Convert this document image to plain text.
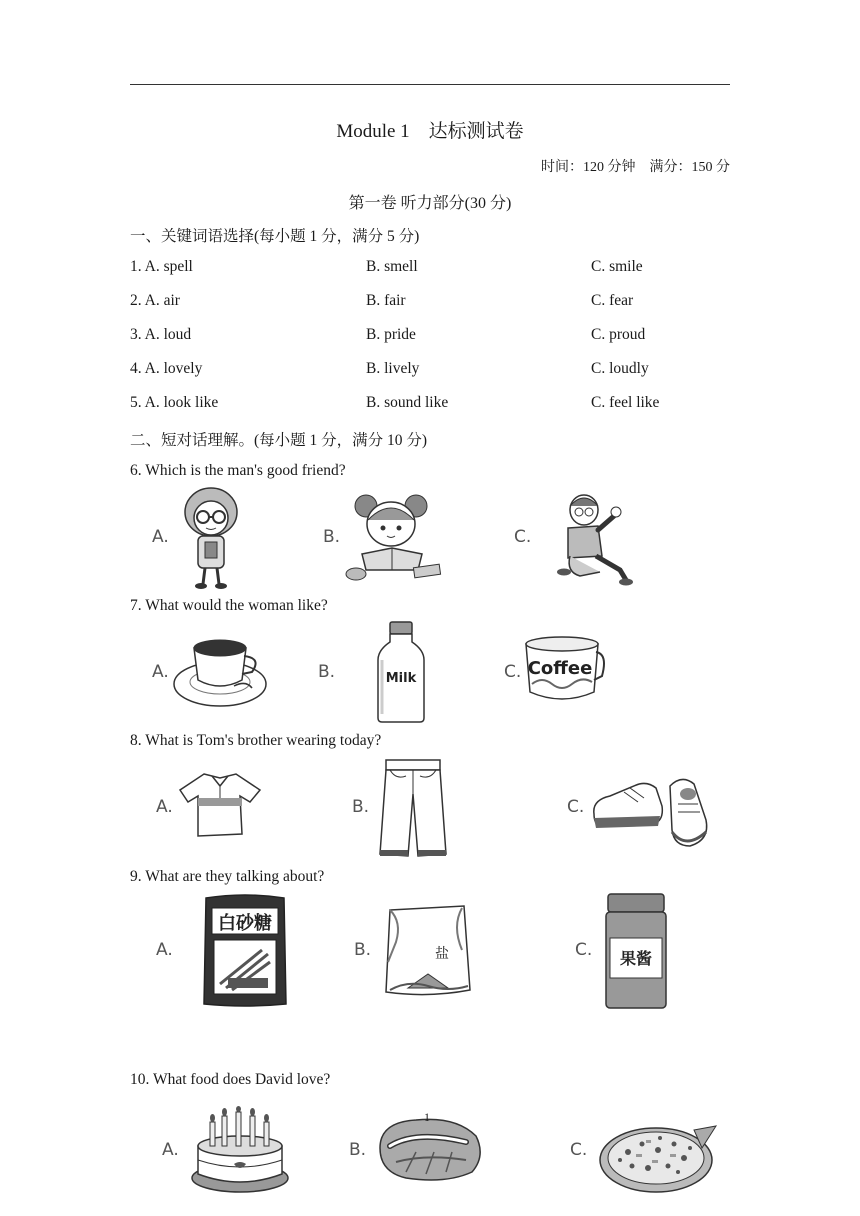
Module 1　达标测试卷
时间：120 分钟　满分：150 分
第一卷 听力部分(30 分)
一、关键词语选择(每小题 1 分，满分 5 分)
1. A. spell	B. smell	C. smile
2. A. air	B. fair	C. fear
3. A. loud	B. pride	C. proud
4. A. lovely	B. lively	C. loudly
5. A. look like	B. sound like	C. feel like
二、短对话理解。(每小题 1 分，满分 10 分)
6. Which is the man's good friend?
A.	B.	C.
7. What would the woman like?
A.	B.	Milk	C. Coffee
8. What is Tom's brother wearing today?
A.	B.	C.
9. What are they talking about?
A.
白砂糖
B.	盐	C. 果酱
10. What food does David love?
A.	B.	C.
1
